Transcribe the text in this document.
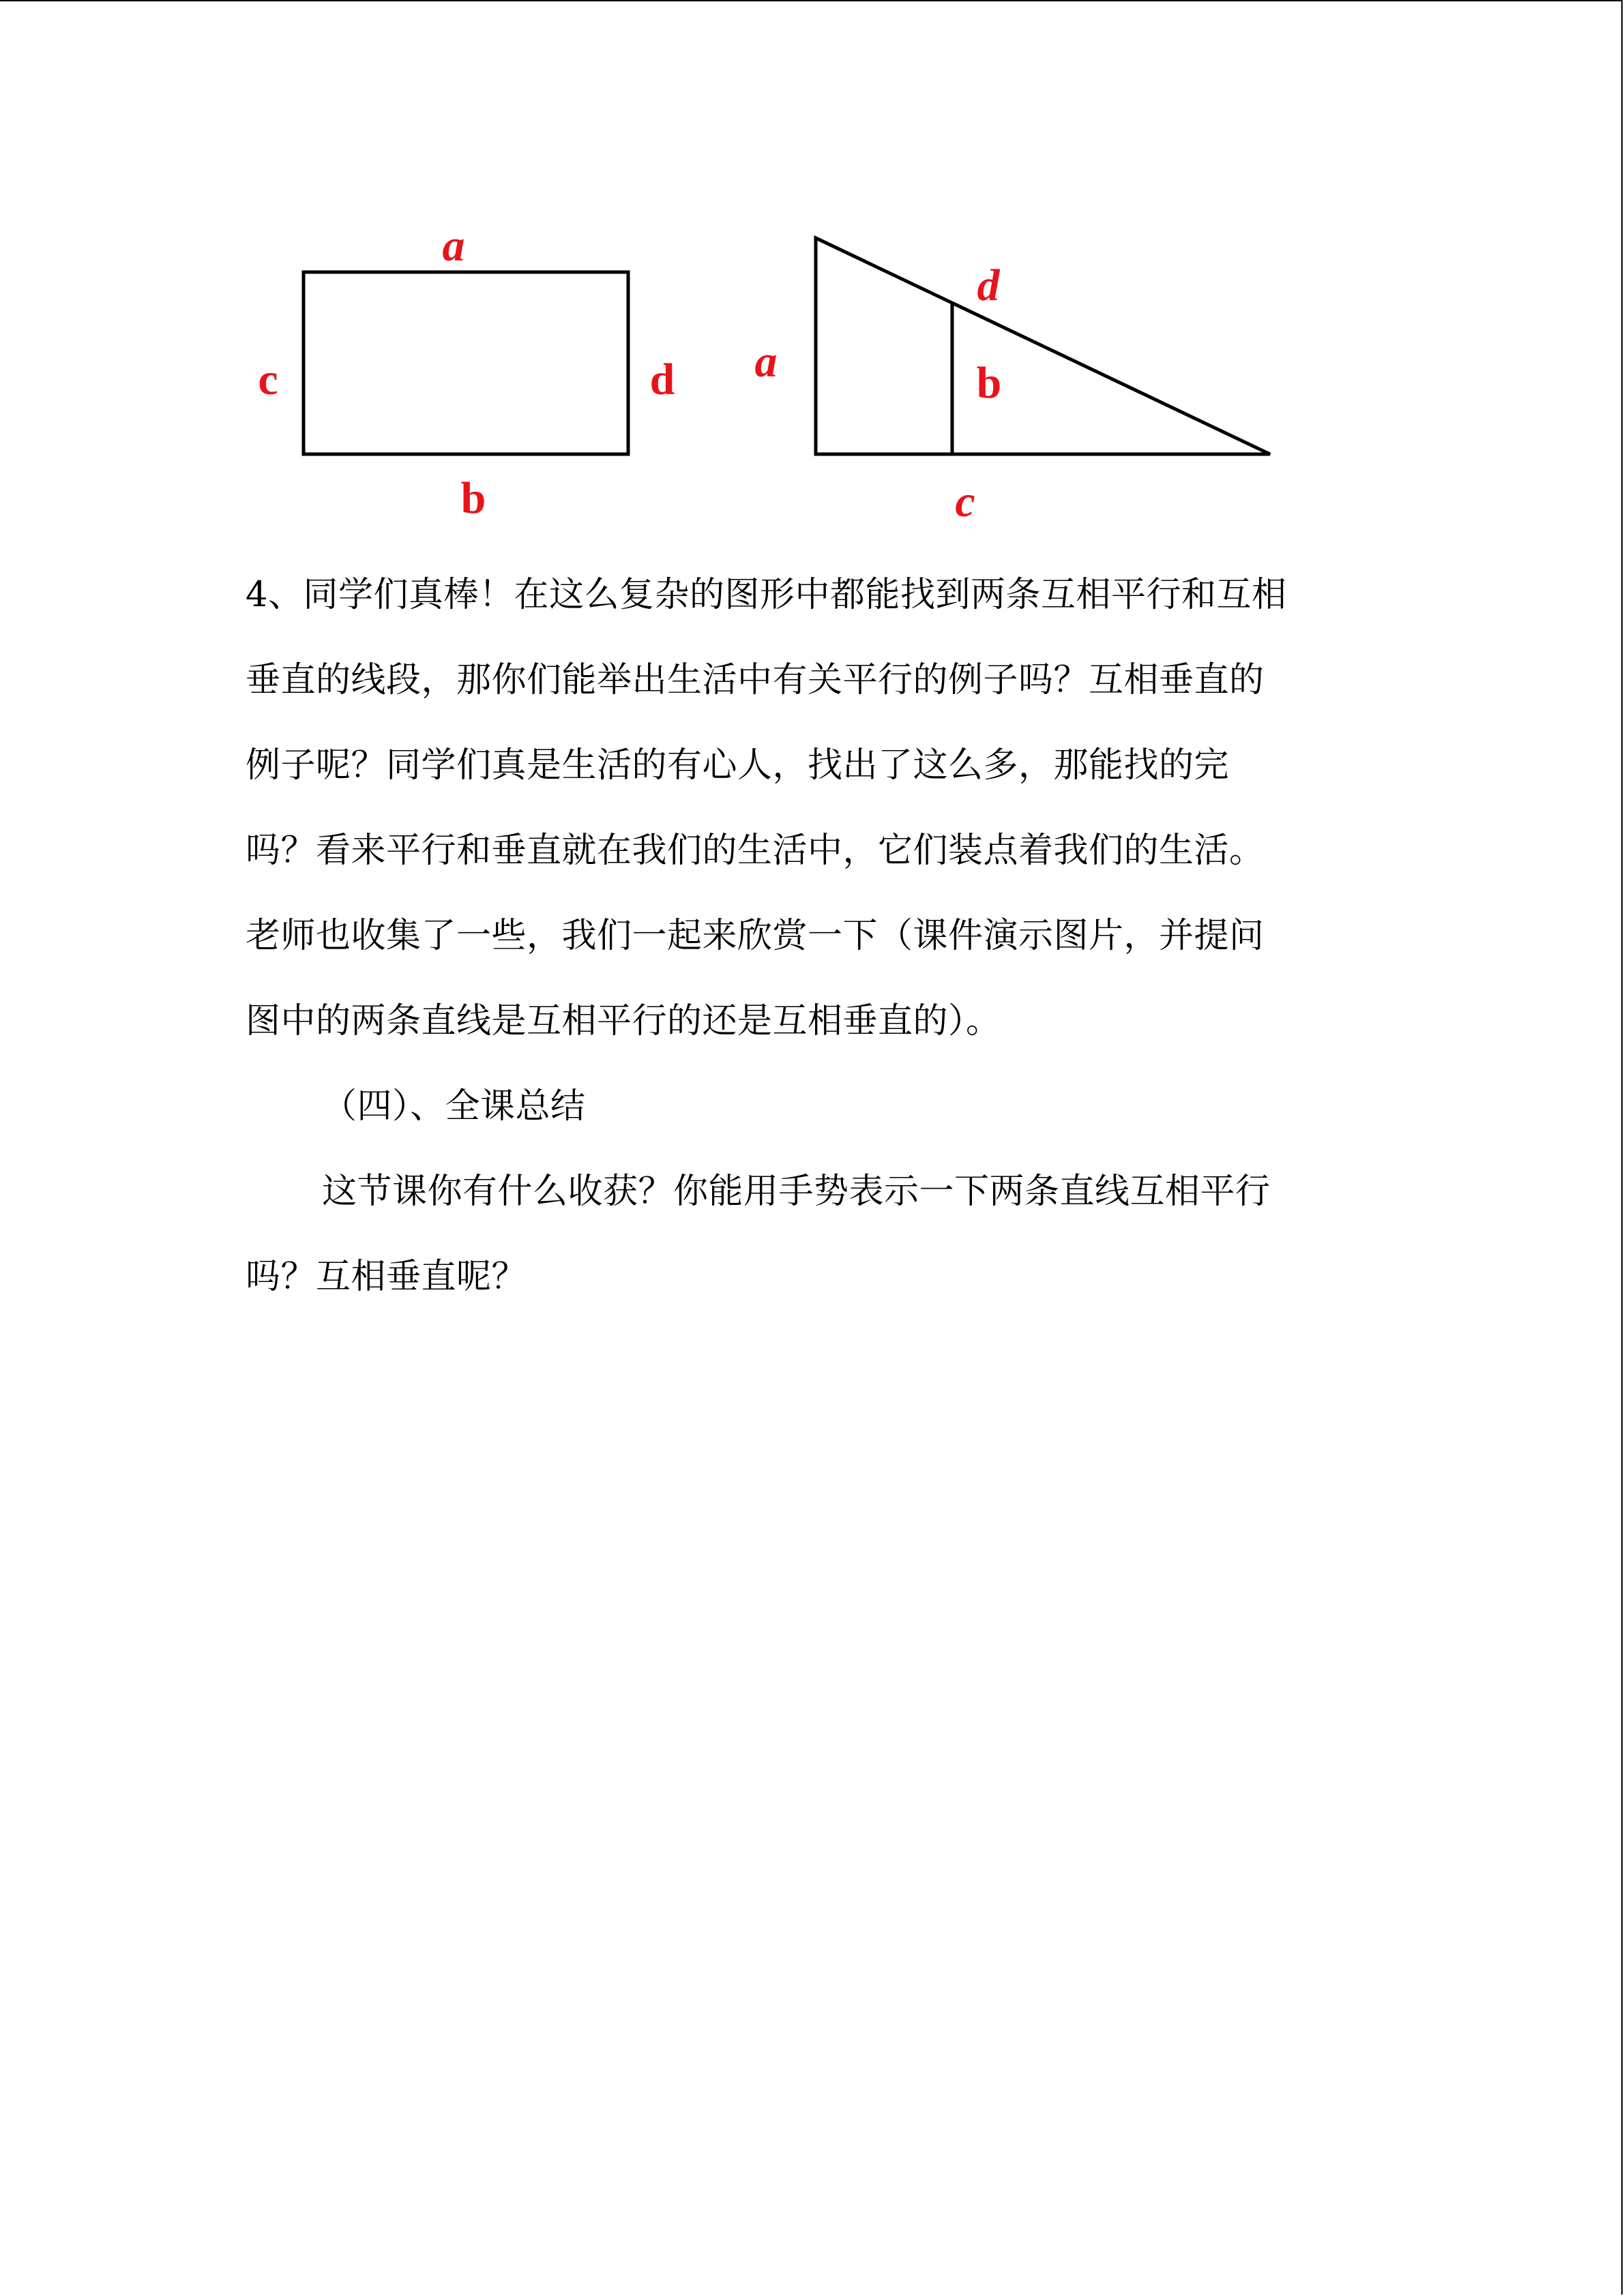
a
b
c	d a	b
c
d
4、同学们真棒！在这么复杂的图形中都能找到两条互相平行和互相
垂直的线段，那你们能举出生活中有关平行的例子吗？互相垂直的
例子呢？同学们真是生活的有心人，找出了这么多，那能找的完
吗？看来平行和垂直就在我们的生活中，它们装点着我们的生活。
老师也收集了一些，我们一起来欣赏一下（课件演示图片，并提问
图中的两条直线是互相平行的还是互相垂直的）。
（四）、全课总结
这节课你有什么收获？你能用手势表示一下两条直线互相平行
吗？互相垂直呢？
